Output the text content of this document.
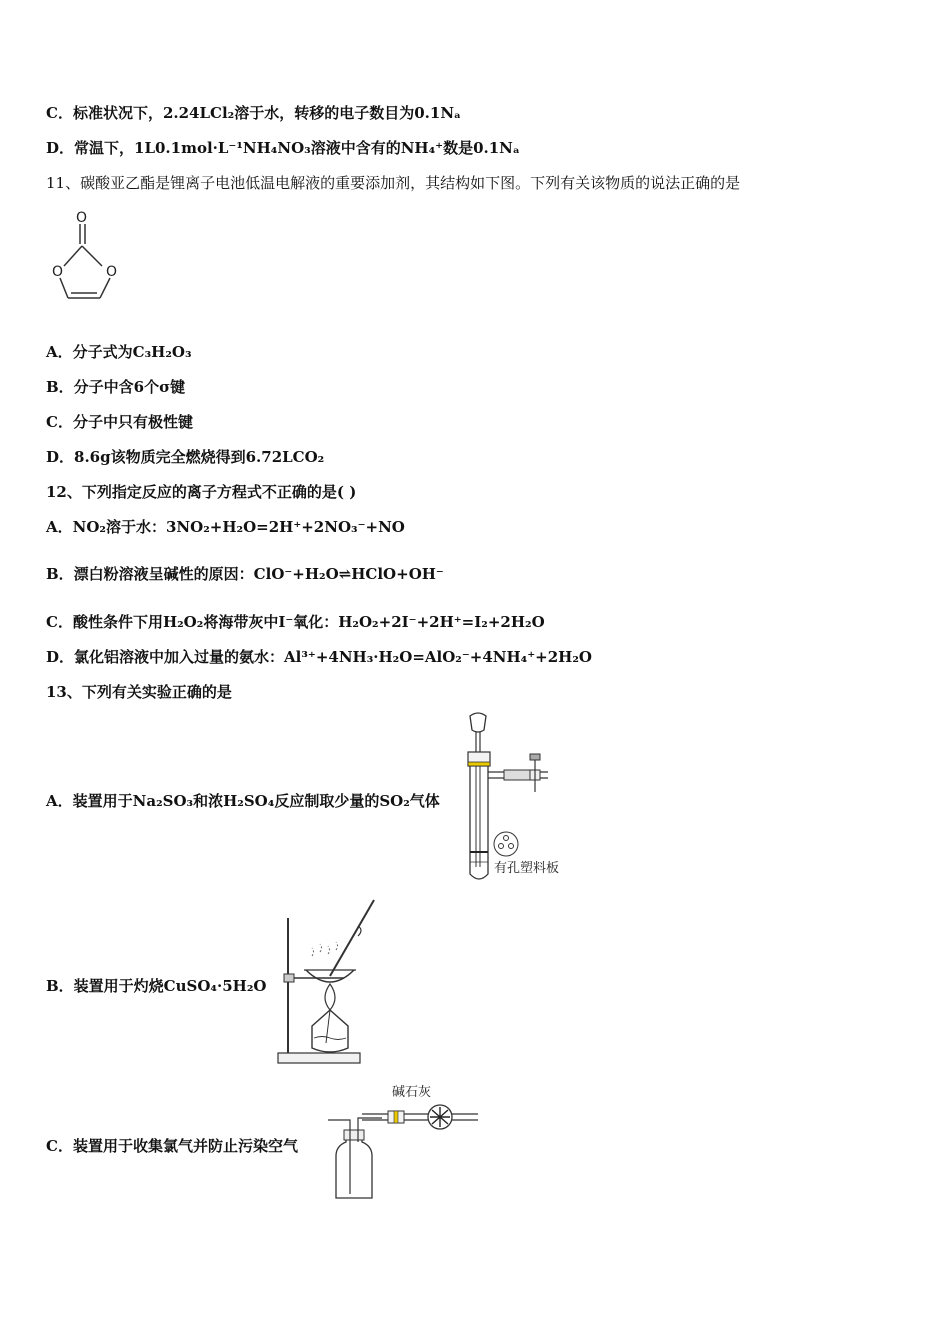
C．标准状况下，2.24LCl₂溶于水，转移的电子数目为0.1Nₐ
D．常温下，1L0.1mol·L⁻¹NH₄NO₃溶液中含有的NH₄⁺数是0.1Nₐ
11、碳酸亚乙酯是锂离子电池低温电解液的重要添加剂，其结构如下图。下列有关该物质的说法正确的是
O
O	O
A．分子式为C₃H₂O₃
B．分子中含6个σ键
C．分子中只有极性键
D．8.6g该物质完全燃烧得到6.72LCO₂
12、下列指定反应的离子方程式不正确的是( )
A．NO₂溶于水：3NO₂+H₂O=2H⁺+2NO₃⁻+NO
B．漂白粉溶液呈碱性的原因：ClO⁻+H₂O⇌HClO+OH⁻
C．酸性条件下用H₂O₂将海带灰中I⁻氧化：H₂O₂+2I⁻+2H⁺=I₂+2H₂O
D．氯化铝溶液中加入过量的氨水：Al³⁺+4NH₃·H₂O=AlO₂⁻+4NH₄⁺+2H₂O
13、下列有关实验正确的是
A．装置用于Na₂SO₃和浓H₂SO₄反应制取少量的SO₂气体
有孔塑料板
B．装置用于灼烧CuSO₄·5H₂O
C．装置用于收集氯气并防止污染空气
碱石灰
